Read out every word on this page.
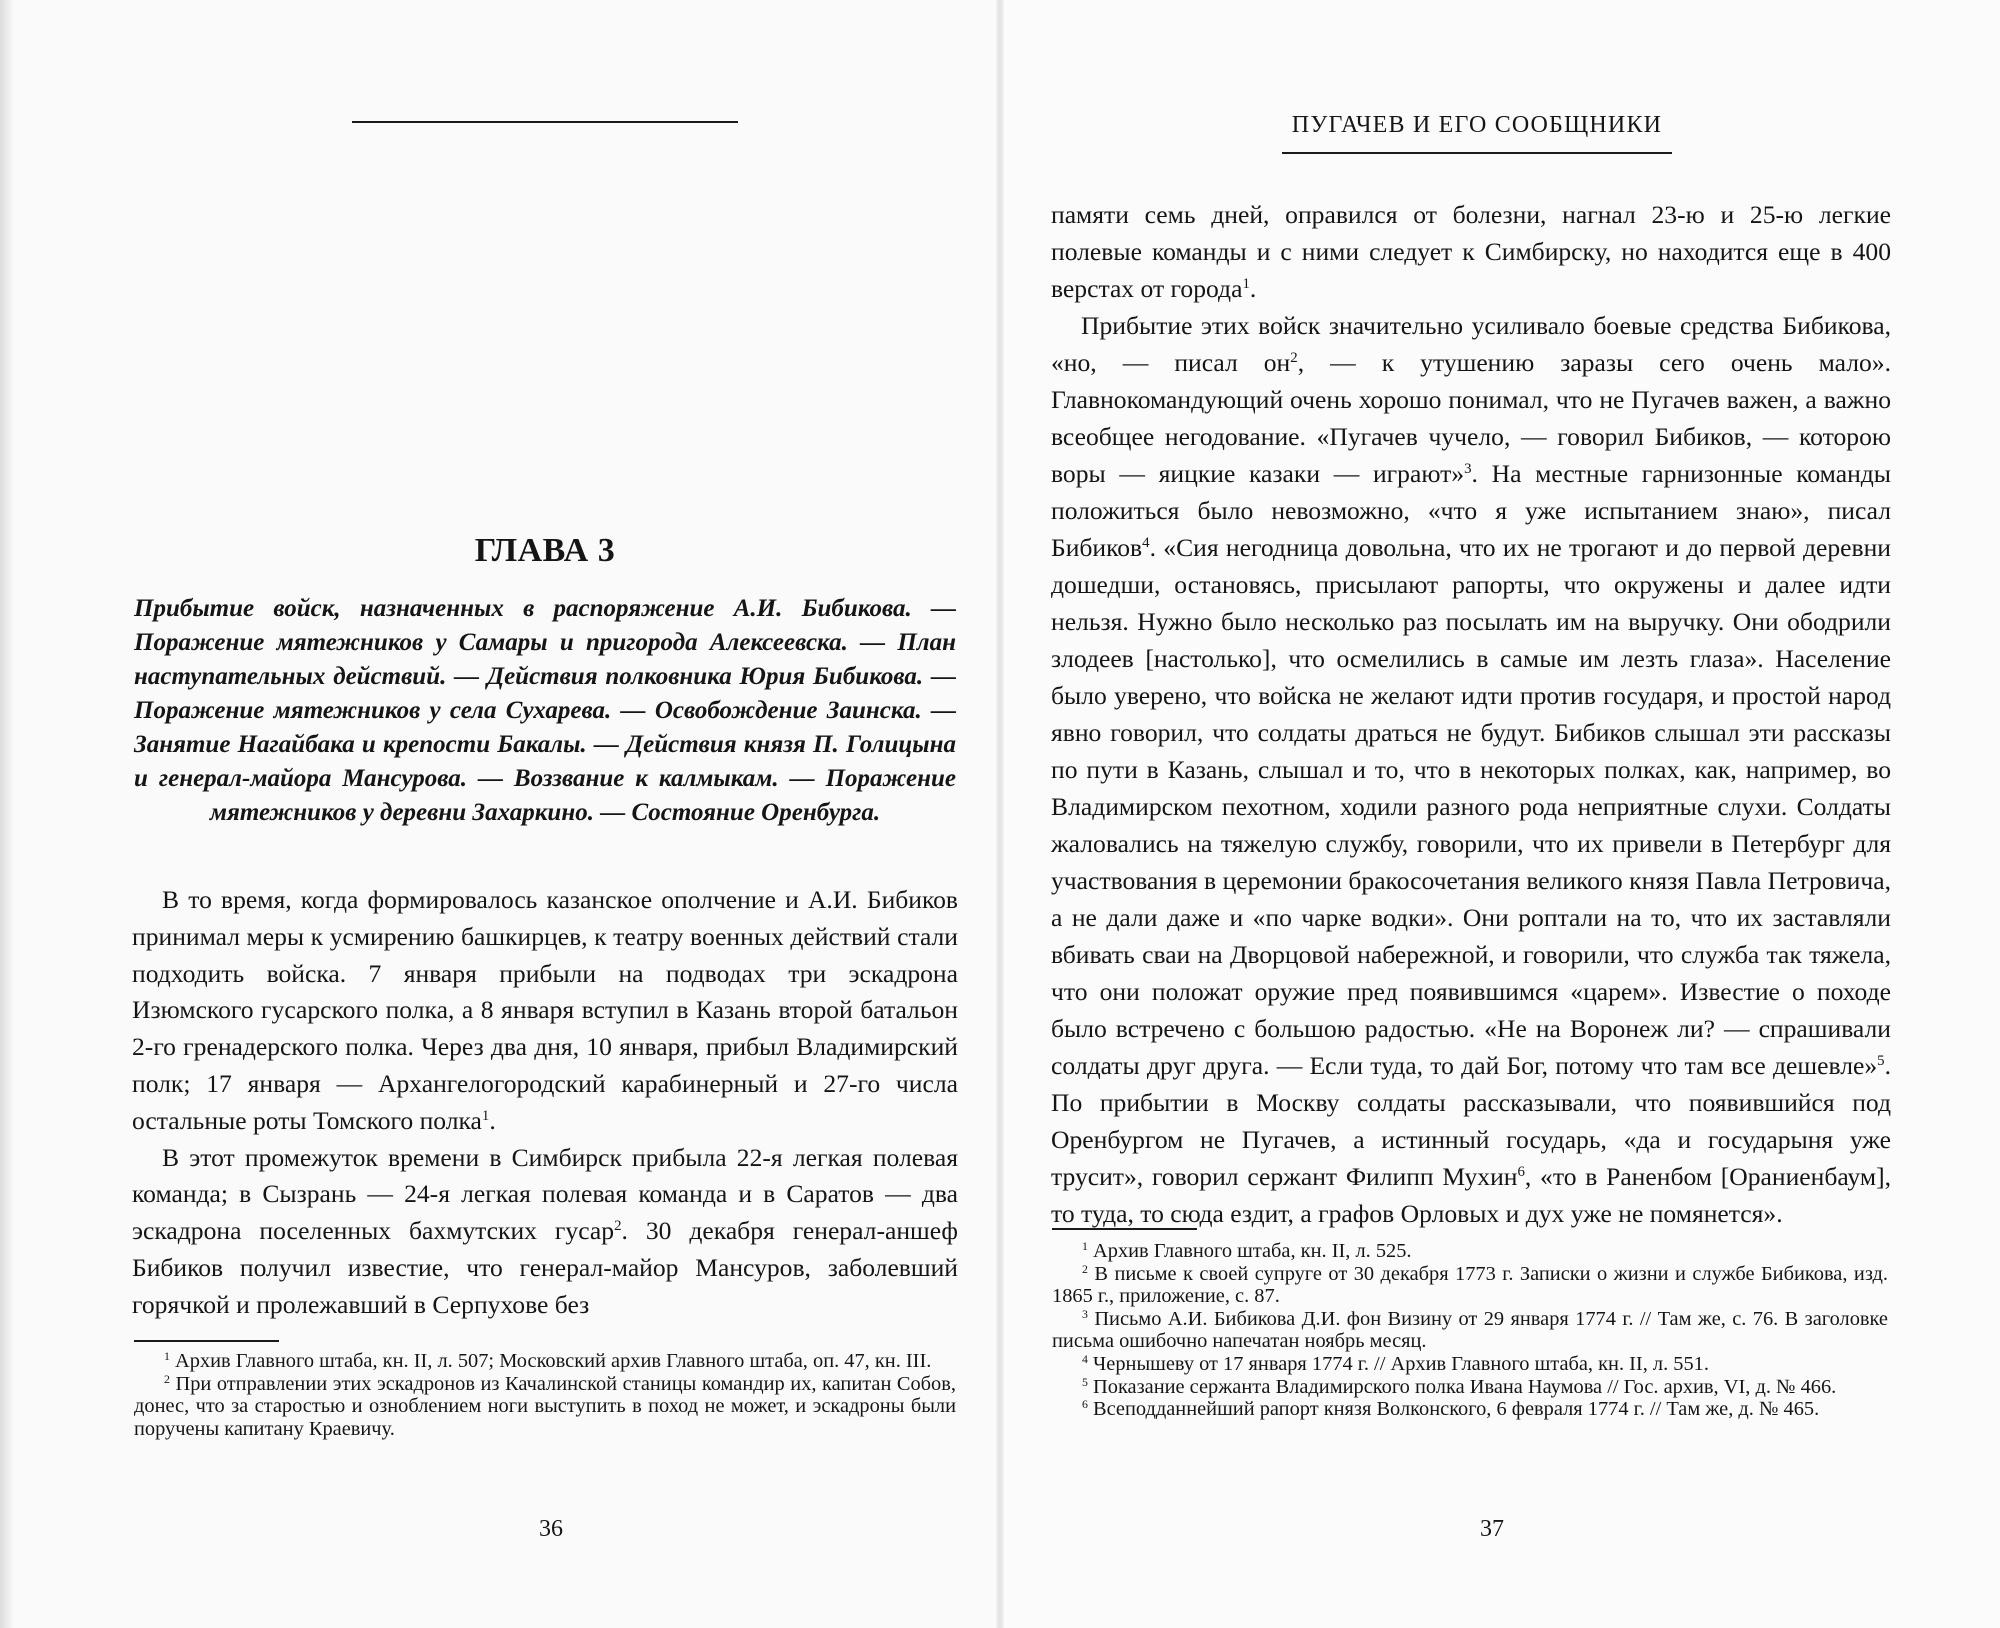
ГЛАВА 3
Прибытие войск, назначенных в распоряжение А.И. Бибикова. — Поражение мятежников у Самары и пригорода Алексеевска. — План наступательных действий. — Действия полковника Юрия Бибикова. — Поражение мятежников у села Сухарева. — Освобождение Заинска. — Занятие Нагайбака и крепости Бакалы. — Действия князя П. Голицына и генерал-майора Мансурова. — Воззвание к калмыкам. — Поражение мятежников у деревни Захаркино. — Состояние Оренбурга.

В то время, когда формировалось казанское ополчение и А.И. Бибиков принимал меры к усмирению башкирцев, к театру военных действий стали подходить войска. 7 января прибыли на подводах три эскадрона Изюмского гусарского полка, а 8 января вступил в Казань второй батальон 2-го гренадерского полка. Через два дня, 10 января, прибыл Владимирский полк; 17 января — Архангелогородский карабинерный и 27-го числа остальные роты Томского полка$^1$.

В этот промежуток времени в Симбирск прибыла 22-я легкая полевая команда; в Сызрань — 24-я легкая полевая команда и в Саратов — два эскадрона поселенных бахмутских гусар$^2$. 30 декабря генерал-аншеф Бибиков получил известие, что генерал-майор Мансуров, заболевший горячкой и пролежавший в Серпухове без

$^1$ Архив Главного штаба, кн. II, л. 507; Московский архив Главного штаба, оп. 47, кн. III.

$^2$ При отправлении этих эскадронов из Качалинской станицы командир их, капитан Собов, донес, что за старостью и озноблением ноги выступить в поход не может, и эскадроны были поручены капитану Краевичу.

36
ПУГАЧЕВ И ЕГО СООБЩНИКИ

памяти семь дней, оправился от болезни, нагнал 23-ю и 25-ю легкие полевые команды и с ними следует к Симбирску, но находится еще в 400 верстах от города$^1$.

Прибытие этих войск значительно усиливало боевые средства Бибикова, «но, — писал $он^2$, — к утушению заразы сего очень мало». Главнокомандующий очень хорошо понимал, что не Пугачев важен, а важно всеобщее негодование. «Пугачев чучело, — говорил Бибиков, — которою воры — яицкие казаки — играют»$^3$. На местные гарнизонные команды положиться было невозможно, «что я уже испытанием знаю», писал Бибиков$^4$. «Сия негодница довольна, что их не трогают и до первой деревни дошедши, остановясь, присылают рапорты, что окружены и далее идти нельзя. Нужно было несколько раз посылать им на выручку. Они ободрили злодеев [настолько], что осмелились в самые им лезть глаза». Население было уверено, что войска не желают идти против государя, и простой народ явно говорил, что солдаты драться не будут. Бибиков слышал эти рассказы по пути в Казань, слышал и то, что в некоторых полках, как, например, во Владимирском пехотном, ходили разного рода неприятные слухи. Солдаты жаловались на тяжелую службу, говорили, что их привели в Петербург для участвования в церемонии бракосочетания великого князя Павла Петровича, а не дали даже и «по чарке водки». Они роптали на то, что их заставляли вбивать сваи на Дворцовой набережной, и говорили, что служба так тяжела, что они положат оружие пред появившимся «царем». Известие о походе было встречено с большою радостью. «Не на Воронеж ли? — спрашивали солдаты друг друга. — Если туда, то дай Бог, потому что там все дешевле»$^5$. По прибытии в Москву солдаты рассказывали, что появившийся под Оренбургом не Пугачев, а истинный государь, «да и государыня уже трусит», говорил сержант Филипп Мухин$^6$, «то в Раненбом [Ораниенбаум], то туда, то сюда ездит, а графов Орловых и дух уже не помянется».

$^1$ Архив Главного штаба, кн. II, л. 525.

$^2$ В письме к своей супруге от 30 декабря 1773 г. Записки о жизни и службе Бибикова, изд. 1865 г., приложение, с. 87.

$^3$ Письмо А.И. Бибикова Д.И. фон Визину от 29 января 1774 г. // Там же, с. 76. В заголовке письма ошибочно напечатан ноябрь месяц.

$^4$ Чернышеву от 17 января 1774 г. // Архив Главного штаба, кн. II, л. 551.

$^5$ Показание сержанта Владимирского полка Ивана Наумова // Гос. архив, VI, д. № 466.

$^6$ Всеподданнейший рапорт князя Волконского, 6 февраля 1774 г. // Там же, д. № 465.

37
